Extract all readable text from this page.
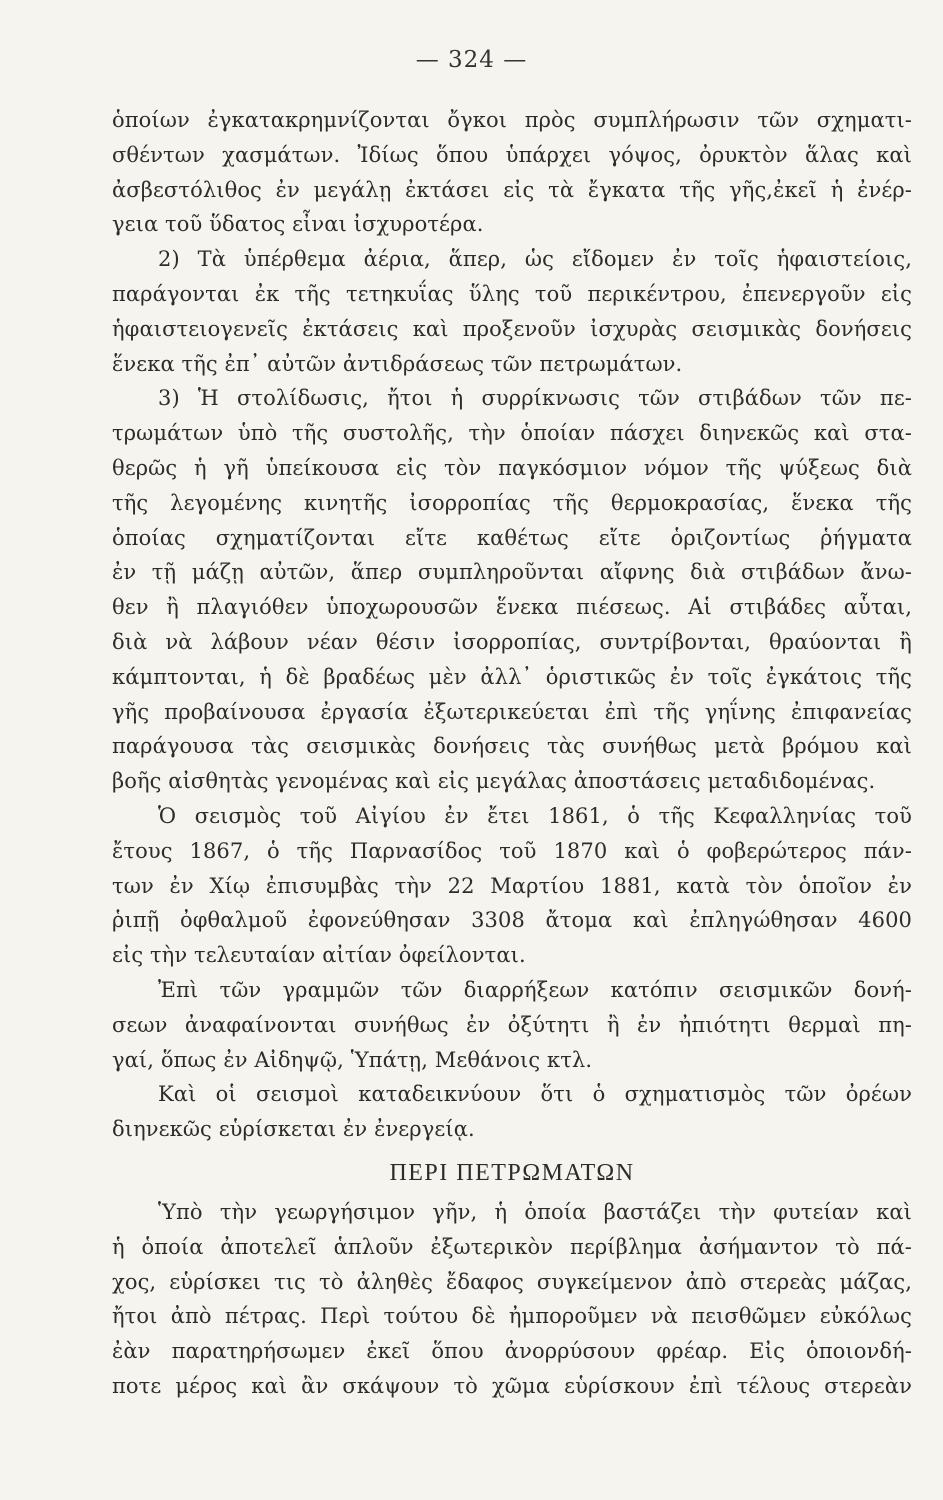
— 324 —
ὁποίων ἐγκατακρημνίζονται ὄγκοι πρὸς συμπλήρωσιν τῶν σχηματι-
σθέντων χασμάτων. Ἰδίως ὅπου ὑπάρχει γόψος, ὀρυκτὸν ἅλας καὶ
ἀσβεστόλιθος ἐν μεγάλῃ ἐκτάσει εἰς τὰ ἔγκατα τῆς γῆς,ἐκεῖ ἡ ἐνέρ-
γεια τοῦ ὕδατος εἶναι ἰσχυροτέρα.
2) Τὰ ὑπέρθεμα ἀέρια, ἅπερ, ὡς εἴδομεν ἐν τοῖς ἡφαιστείοις,
παράγονται ἐκ τῆς τετηκυΐας ὕλης τοῦ περικέντρου, ἐπενεργοῦν εἰς
ἡφαιστειογενεῖς ἐκτάσεις καὶ προξενοῦν ἰσχυρὰς σεισμικὰς δονήσεις
ἕνεκα τῆς ἐπ᾽ αὐτῶν ἀντιδράσεως τῶν πετρωμάτων.
3) Ἡ στολίδωσις, ἤτοι ἡ συρρίκνωσις τῶν στιβάδων τῶν πε-
τρωμάτων ὑπὸ τῆς συστολῆς, τὴν ὁποίαν πάσχει διηνεκῶς καὶ στα-
θερῶς ἡ γῆ ὑπείκουσα εἰς τὸν παγκόσμιον νόμον τῆς ψύξεως διὰ
τῆς λεγομένης κινητῆς ἰσορροπίας τῆς θερμοκρασίας, ἕνεκα τῆς
ὁποίας σχηματίζονται εἴτε καθέτως εἴτε ὁριζοντίως ῥήγματα
ἐν τῇ μάζῃ αὐτῶν, ἅπερ συμπληροῦνται αἴφνης διὰ στιβάδων ἄνω-
θεν ἢ πλαγιόθεν ὑποχωρουσῶν ἕνεκα πιέσεως. Αἱ στιβάδες αὗται,
διὰ νὰ λάβουν νέαν θέσιν ἰσορροπίας, συντρίβονται, θραύονται ἢ
κάμπτονται, ἡ δὲ βραδέως μὲν ἀλλ᾽ ὁριστικῶς ἐν τοῖς ἐγκάτοις τῆς
γῆς προβαίνουσα ἐργασία ἐξωτερικεύεται ἐπὶ τῆς γηΐνης ἐπιφανείας
παράγουσα τὰς σεισμικὰς δονήσεις τὰς συνήθως μετὰ βρόμου καὶ
βοῆς αἰσθητὰς γενομένας καὶ εἰς μεγάλας ἀποστάσεις μεταδιδομένας.
Ὁ σεισμὸς τοῦ Αἰγίου ἐν ἔτει 1861, ὁ τῆς Κεφαλληνίας τοῦ
ἔτους 1867, ὁ τῆς Παρνασίδος τοῦ 1870 καὶ ὁ φοβερώτερος πάν-
των ἐν Χίῳ ἐπισυμβὰς τὴν 22 Μαρτίου 1881, κατὰ τὸν ὁποῖον ἐν
ῥιπῇ ὀφθαλμοῦ ἐφονεύθησαν 3308 ἄτομα καὶ ἐπληγώθησαν 4600
εἰς τὴν τελευταίαν αἰτίαν ὀφείλονται.
Ἐπὶ τῶν γραμμῶν τῶν διαρρήξεων κατόπιν σεισμικῶν δονή-
σεων ἀναφαίνονται συνήθως ἐν ὀξύτητι ἢ ἐν ἠπιότητι θερμαὶ πη-
γαί, ὅπως ἐν Αἰδηψῷ, Ὑπάτῃ, Μεθάνοις κτλ.
Καὶ οἱ σεισμοὶ καταδεικνύουν ὅτι ὁ σχηματισμὸς τῶν ὀρέων
διηνεκῶς εὑρίσκεται ἐν ἐνεργείᾳ.
ΠΕΡΙ ΠΕΤΡΩΜΑΤΩΝ
Ὑπὸ τὴν γεωργήσιμον γῆν, ἡ ὁποία βαστάζει τὴν φυτείαν καὶ
ἡ ὁποία ἀποτελεῖ ἁπλοῦν ἐξωτερικὸν περίβλημα ἀσήμαντον τὸ πά-
χος, εὑρίσκει τις τὸ ἀληθὲς ἔδαφος συγκείμενον ἀπὸ στερεὰς μάζας,
ἤτοι ἀπὸ πέτρας. Περὶ τούτου δὲ ἠμποροῦμεν νὰ πεισθῶμεν εὐκόλως
ἐὰν παρατηρήσωμεν ἐκεῖ ὅπου ἀνορρύσουν φρέαρ. Εἰς ὁποιονδή-
ποτε μέρος καὶ ἂν σκάψουν τὸ χῶμα εὑρίσκουν ἐπὶ τέλους στερεὰν
